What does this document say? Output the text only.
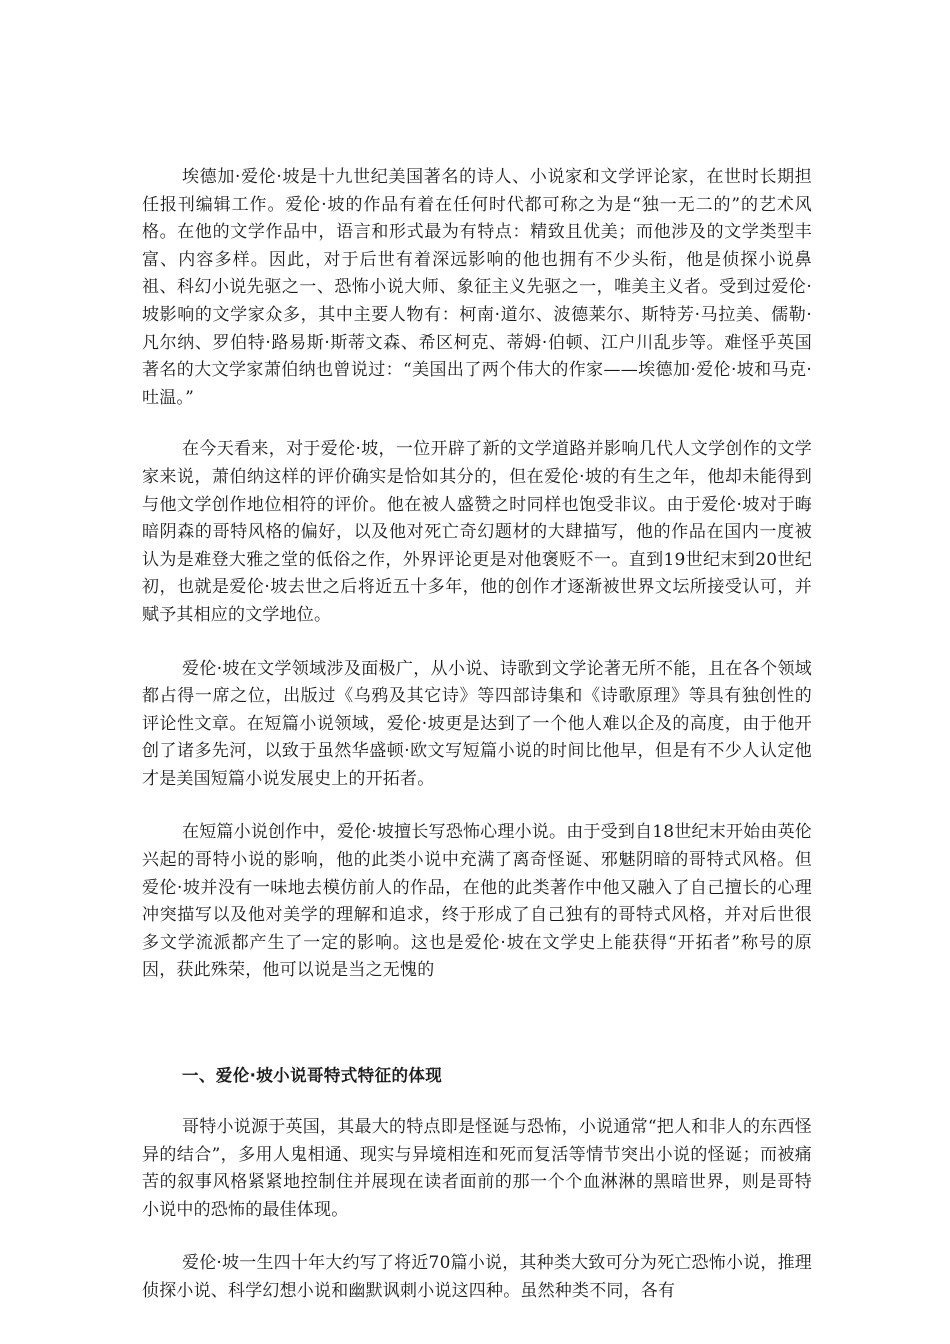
埃德加·爱伦·坡是十九世纪美国著名的诗人、小说家和文学评论家，在世时长期担任报刊编辑工作。爱伦·坡的作品有着在任何时代都可称之为是“独一无二的”的艺术风格。在他的文学作品中，语言和形式最为有特点：精致且优美；而他涉及的文学类型丰富、内容多样。因此，对于后世有着深远影响的他也拥有不少头衔，他是侦探小说鼻祖、科幻小说先驱之一、恐怖小说大师、象征主义先驱之一，唯美主义者。受到过爱伦·坡影响的文学家众多，其中主要人物有：柯南·道尔、波德莱尔、斯特芳·马拉美、儒勒·凡尔纳、罗伯特·路易斯·斯蒂文森、希区柯克、蒂姆·伯顿、江户川乱步等。难怪乎英国著名的大文学家萧伯纳也曾说过：“美国出了两个伟大的作家——埃德加·爱伦·坡和马克·吐温。”

在今天看来，对于爱伦·坡，一位开辟了新的文学道路并影响几代人文学创作的文学家来说，萧伯纳这样的评价确实是恰如其分的，但在爱伦·坡的有生之年，他却未能得到与他文学创作地位相符的评价。他在被人盛赞之时同样也饱受非议。由于爱伦·坡对于晦暗阴森的哥特风格的偏好，以及他对死亡奇幻题材的大肆描写，他的作品在国内一度被认为是难登大雅之堂的低俗之作，外界评论更是对他褒贬不一。直到19世纪末到20世纪初，也就是爱伦·坡去世之后将近五十多年，他的创作才逐渐被世界文坛所接受认可，并赋予其相应的文学地位。

爱伦·坡在文学领域涉及面极广，从小说、诗歌到文学论著无所不能，且在各个领域都占得一席之位，出版过《乌鸦及其它诗》等四部诗集和《诗歌原理》等具有独创性的评论性文章。在短篇小说领域，爱伦·坡更是达到了一个他人难以企及的高度，由于他开创了诸多先河，以致于虽然华盛顿·欧文写短篇小说的时间比他早，但是有不少人认定他才是美国短篇小说发展史上的开拓者。

在短篇小说创作中，爱伦·坡擅长写恐怖心理小说。由于受到自18世纪末开始由英伦兴起的哥特小说的影响，他的此类小说中充满了离奇怪诞、邪魅阴暗的哥特式风格。但爱伦·坡并没有一味地去模仿前人的作品，在他的此类著作中他又融入了自己擅长的心理冲突描写以及他对美学的理解和追求，终于形成了自己独有的哥特式风格，并对后世很多文学流派都产生了一定的影响。这也是爱伦·坡在文学史上能获得“开拓者”称号的原因，获此殊荣，他可以说是当之无愧的

一、爱伦·坡小说哥特式特征的体现

哥特小说源于英国，其最大的特点即是怪诞与恐怖，小说通常“把人和非人的东西怪异的结合”，多用人鬼相通、现实与异境相连和死而复活等情节突出小说的怪诞；而被痛苦的叙事风格紧紧地控制住并展现在读者面前的那一个个血淋淋的黑暗世界，则是哥特小说中的恐怖的最佳体现。

爱伦·坡一生四十年大约写了将近70篇小说，其种类大致可分为死亡恐怖小说，推理侦探小说、科学幻想小说和幽默讽刺小说这四种。虽然种类不同，各有
